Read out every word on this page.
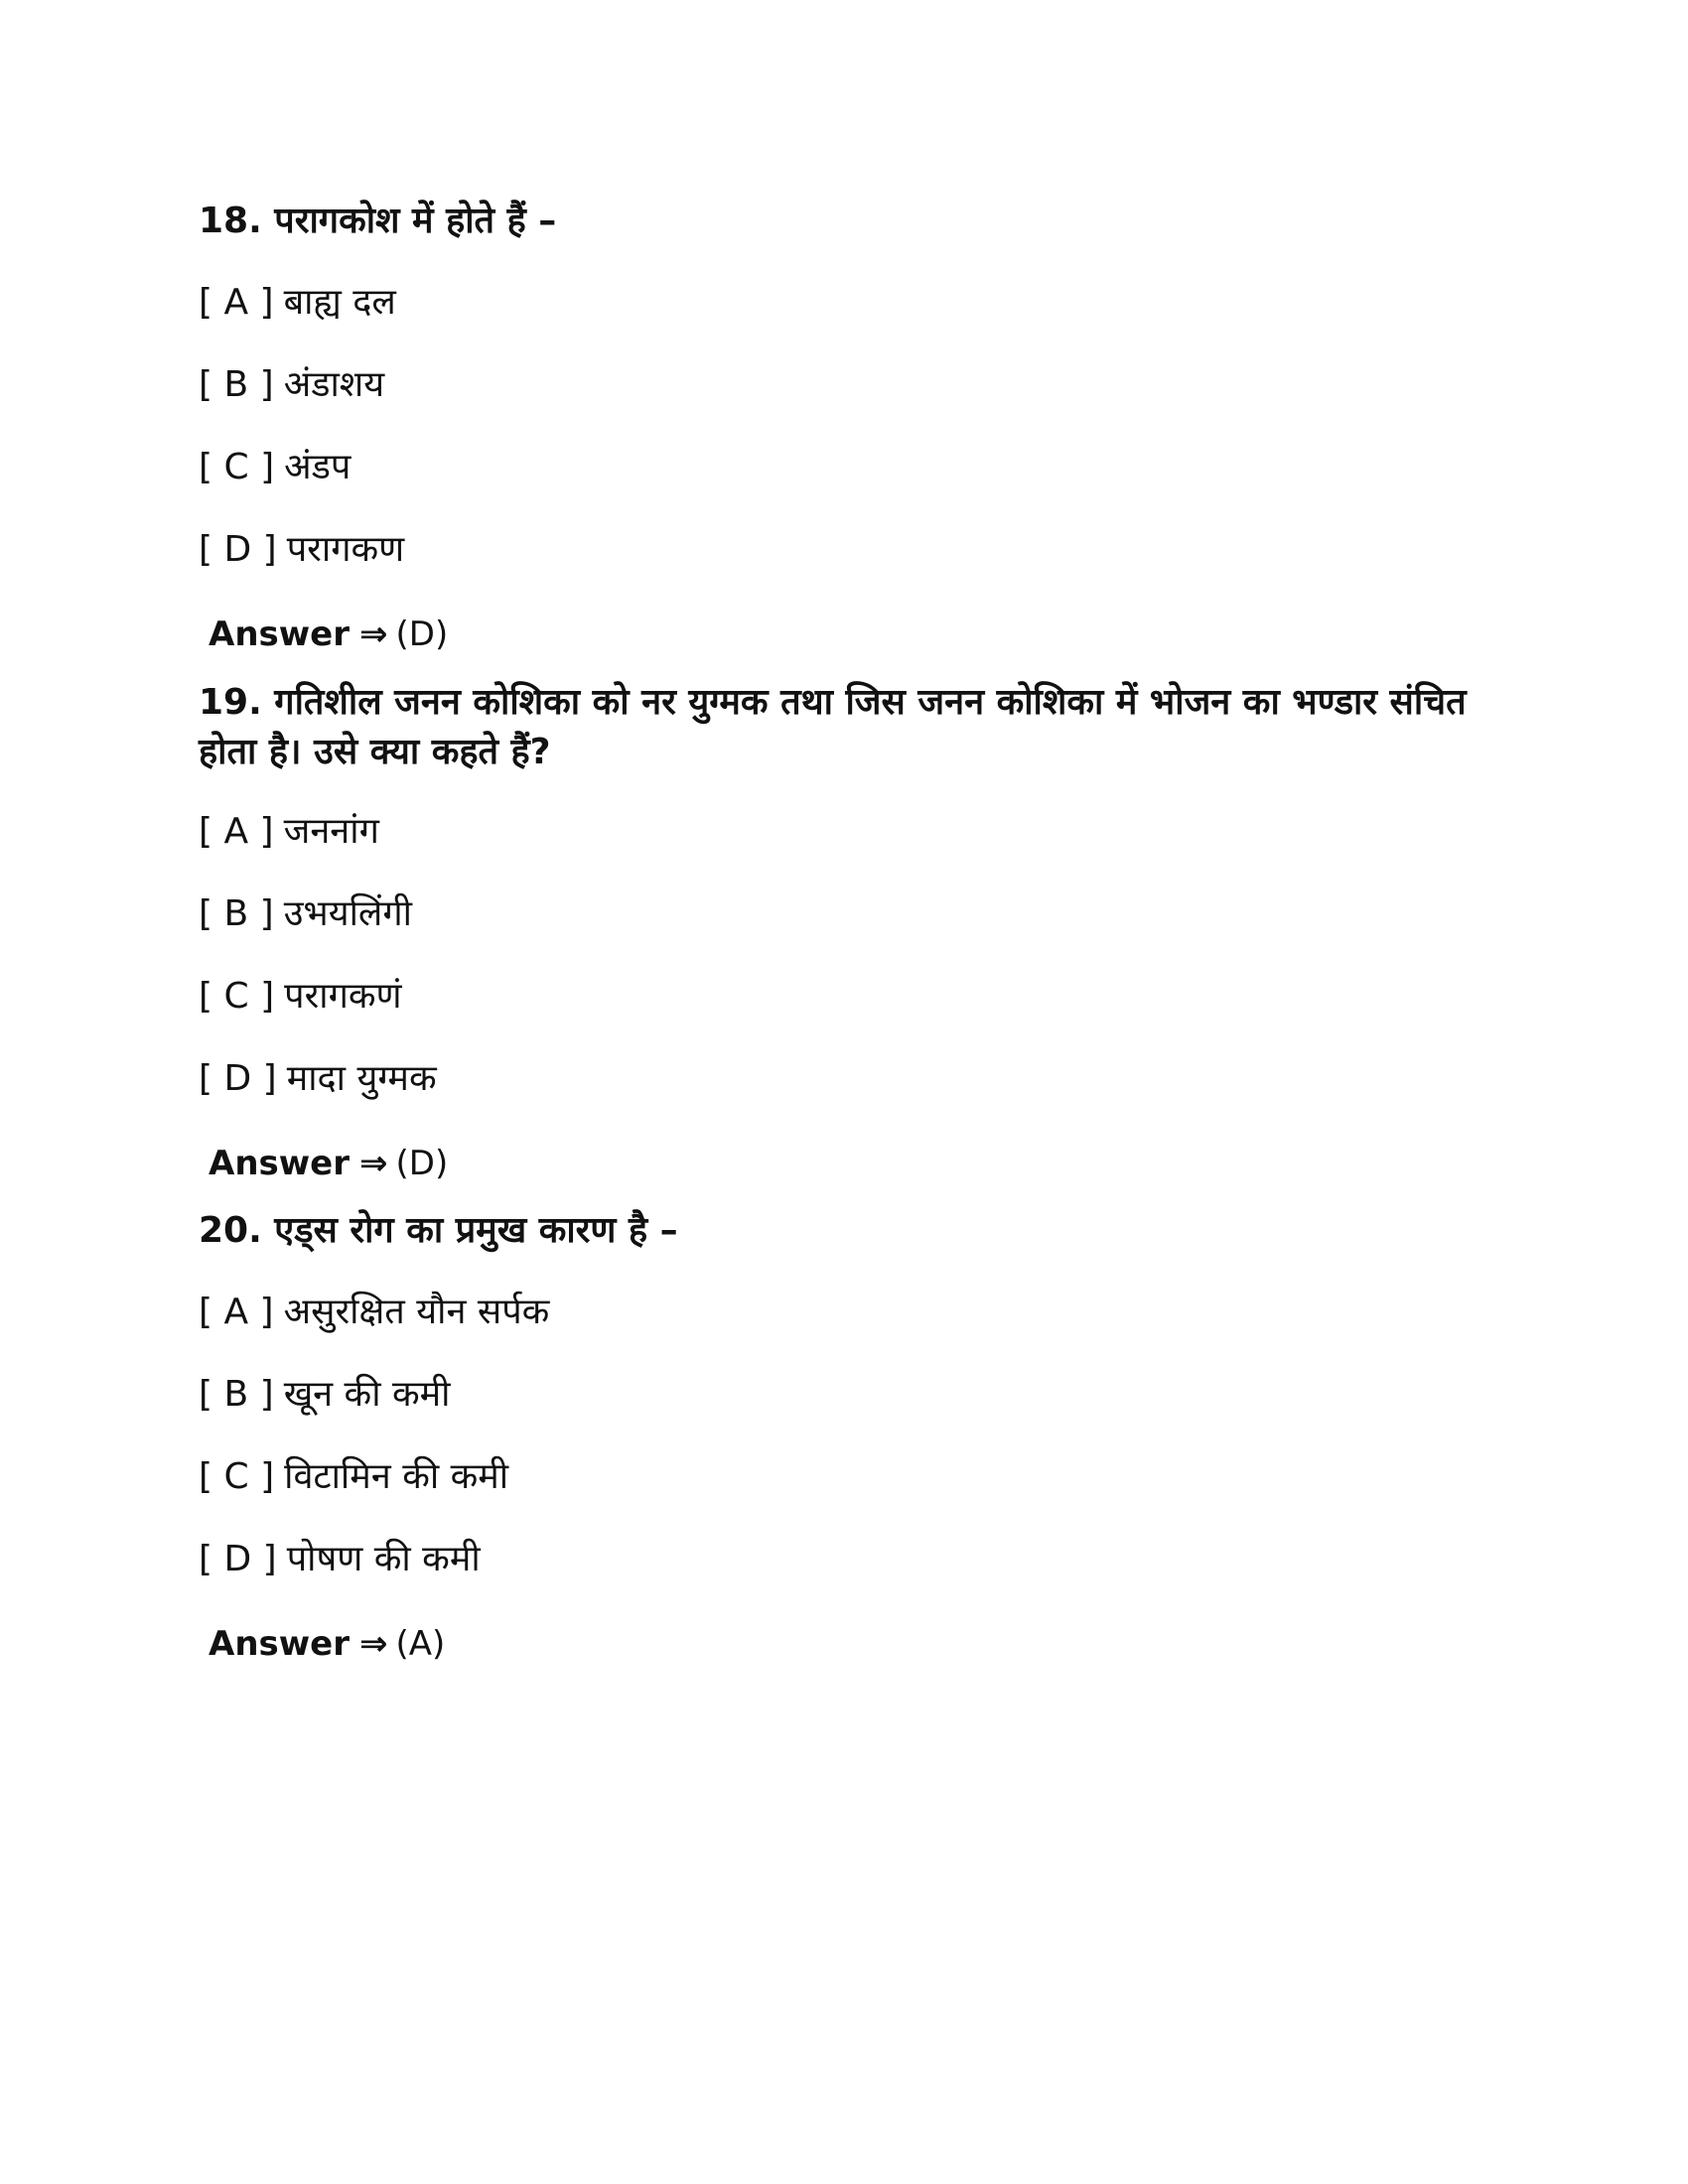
18. परागकोश में होते हैं –

[ A ] बाह्य दल
[ B ] अंडाशय
[ C ] अंडप
[ D ] परागकण
Answer ⇒ (D)

19. गतिशील जनन कोशिका को नर युग्मक तथा जिस जनन कोशिका में भोजन का भण्डार संचित होता है। उसे क्या कहते हैं?

[ A ] जननांग
[ B ] उभयलिंगी
[ C ] परागकणं
[ D ] मादा युग्मक
Answer ⇒ (D)

20. एड्स रोग का प्रमुख कारण है –

[ A ] असुरक्षित यौन सर्पक
[ B ] खून की कमी
[ C ] विटामिन की कमी
[ D ] पोषण की कमी
Answer ⇒ (A)
